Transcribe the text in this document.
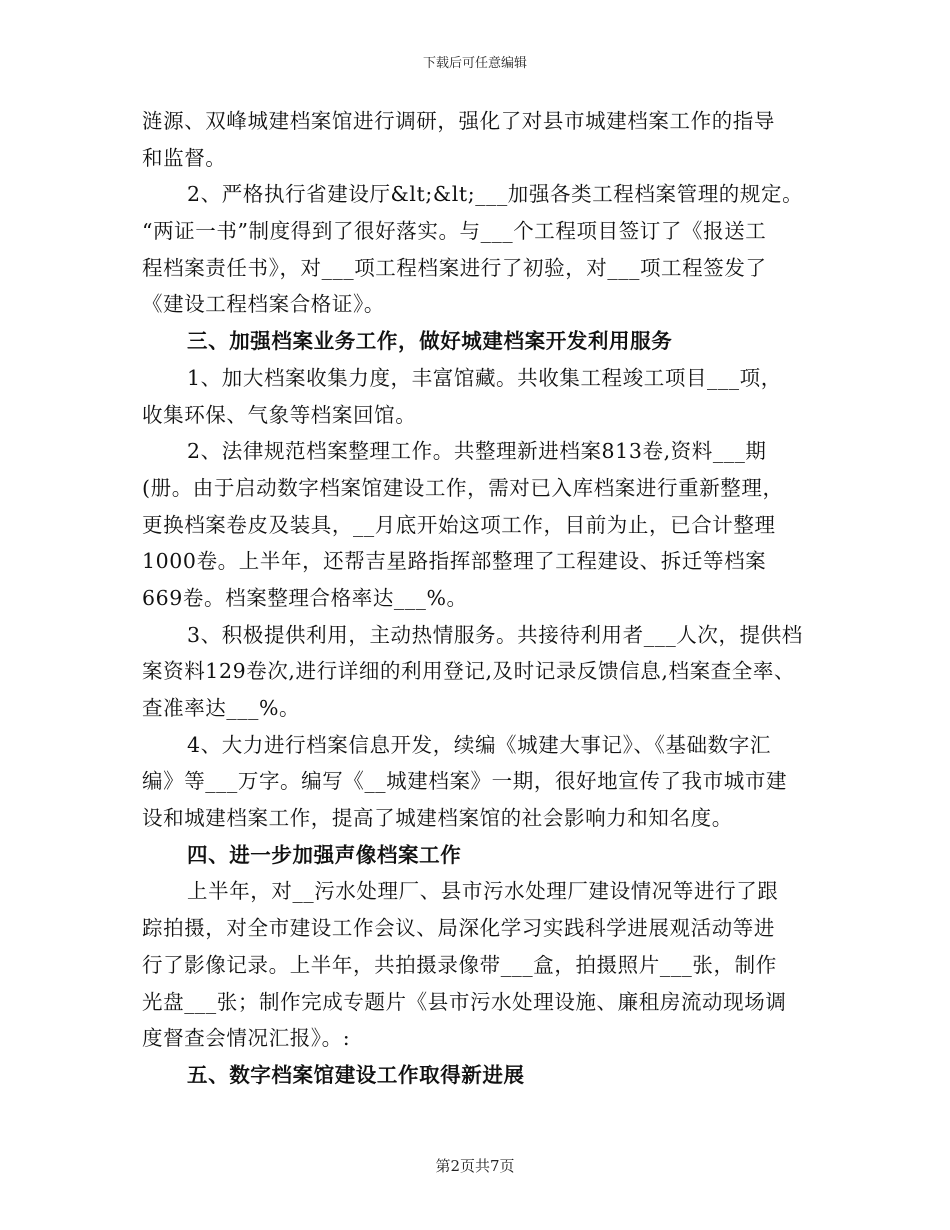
下载后可任意编辑
涟源、双峰城建档案馆进行调研，强化了对县市城建档案工作的指导
和监督。
2、严格执行省建设厅&lt;&lt;___加强各类工程档案管理的规定。
“两证一书”制度得到了很好落实。与___个工程项目签订了《报送工
程档案责任书》，对___项工程档案进行了初验，对___项工程签发了
《建设工程档案合格证》。
三、加强档案业务工作，做好城建档案开发利用服务
1、加大档案收集力度，丰富馆藏。共收集工程竣工项目___项，
收集环保、气象等档案回馆。
2、法律规范档案整理工作。共整理新进档案813卷,资料___期
(册。由于启动数字档案馆建设工作，需对已入库档案进行重新整理，
更换档案卷皮及装具，__月底开始这项工作，目前为止，已合计整理
1000卷。上半年，还帮吉星路指挥部整理了工程建设、拆迁等档案
669卷。档案整理合格率达___%。
3、积极提供利用，主动热情服务。共接待利用者___人次，提供档
案资料129卷次,进行详细的利用登记,及时记录反馈信息,档案查全率、
查准率达___%。
4、大力进行档案信息开发，续编《城建大事记》、《基础数字汇
编》等___万字。编写《__城建档案》一期，很好地宣传了我市城市建
设和城建档案工作，提高了城建档案馆的社会影响力和知名度。
四、进一步加强声像档案工作
上半年，对__污水处理厂、县市污水处理厂建设情况等进行了跟
踪拍摄，对全市建设工作会议、局深化学习实践科学进展观活动等进
行了影像记录。上半年，共拍摄录像带___盒，拍摄照片___张，制作
光盘___张；制作完成专题片《县市污水处理设施、廉租房流动现场调
度督查会情况汇报》。:
五、数字档案馆建设工作取得新进展
第2页共7页
